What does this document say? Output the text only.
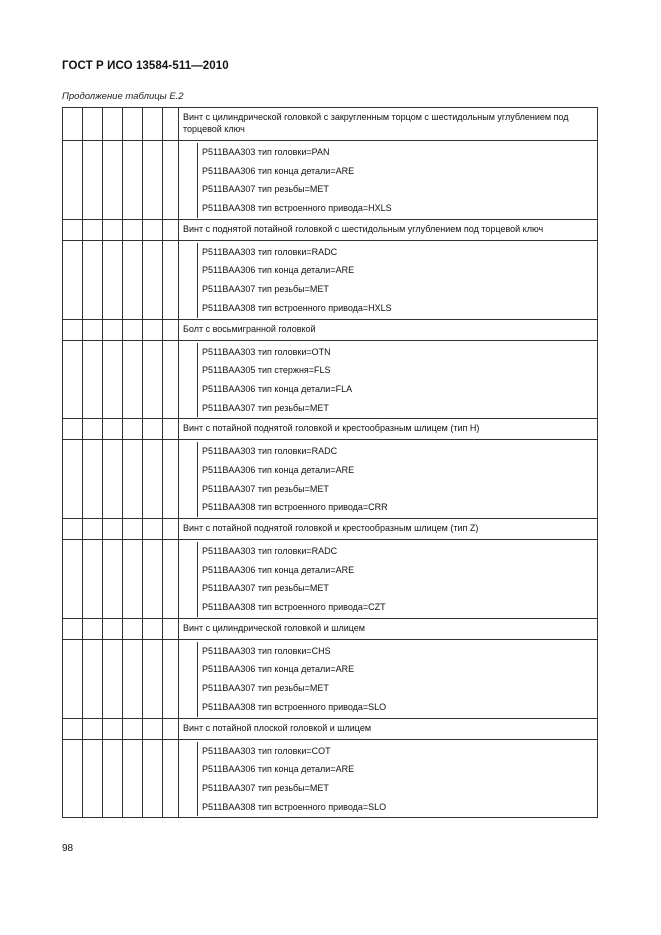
ГОСТ Р ИСО 13584-511—2010
Продолжение таблицы Е.2
						Винт с цилиндрической головкой с закругленным торцом с шестидольным углублением под торцевой ключ

						P511BAA303 тип головки=PAN
P511BAA306 тип конца детали=ARE
P511BAA307 тип резьбы=MET
P511BAA308 тип встроенного привода=HXLS

						Винт с поднятой потайной головкой с шестидольным углублением под торцевой ключ

						P511BAA303 тип головки=RADC
P511BAA306 тип конца детали=ARE
P511BAA307 тип резьбы=MET
P511BAA308 тип встроенного привода=HXLS

						Болт с восьмигранной головкой

						P511BAA303 тип головки=OTN
P511BAA305 тип стержня=FLS
P511BAA306 тип конца детали=FLA
P511BAA307 тип резьбы=MET

						Винт с потайной поднятой головкой и крестообразным шлицем (тип H)

						P511BAA303 тип головки=RADC
P511BAA306 тип конца детали=ARE
P511BAA307 тип резьбы=MET
P511BAA308 тип встроенного привода=CRR

						Винт с потайной поднятой головкой и крестообразным шлицем (тип Z)

						P511BAA303 тип головки=RADC
P511BAA306 тип конца детали=ARE
P511BAA307 тип резьбы=MET
P511BAA308 тип встроенного привода=CZT

						Винт с цилиндрической головкой и шлицем

						P511BAA303 тип головки=CHS
P511BAA306 тип конца детали=ARE
P511BAA307 тип резьбы=MET
P511BAA308 тип встроенного привода=SLO

						Винт с потайной плоской головкой и шлицем

						P511BAA303 тип головки=COT
P511BAA306 тип конца детали=ARE
P511BAA307 тип резьбы=MET
P511BAA308 тип встроенного привода=SLO
98
